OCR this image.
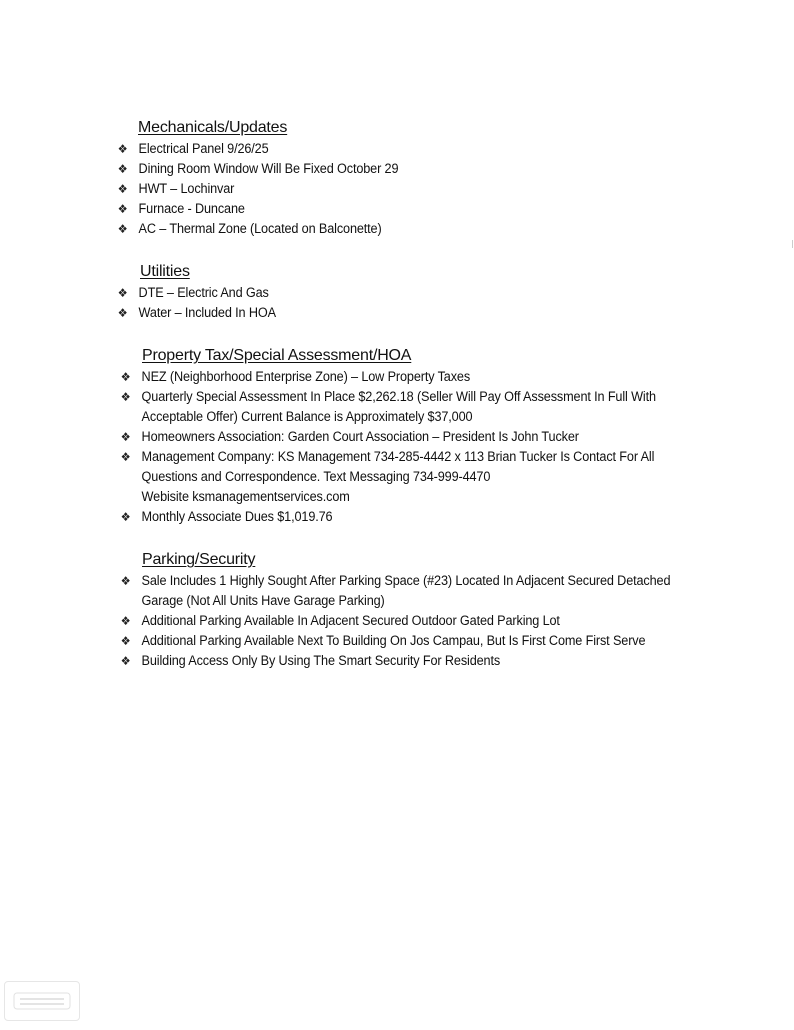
Mechanicals/Updates
❖ Electrical Panel 9/26/25
❖ Dining Room Window Will Be Fixed October 29
❖ HWT – Lochinvar
❖ Furnace - Duncane
❖ AC – Thermal Zone (Located on Balconette)
Utilities
❖ DTE – Electric And Gas
❖ Water – Included In HOA
Property Tax/Special Assessment/HOA
❖ NEZ (Neighborhood Enterprise Zone) – Low Property Taxes
❖ Quarterly Special Assessment In Place $2,262.18 (Seller Will Pay Off Assessment In Full With
Acceptable Offer) Current Balance is Approximately $37,000
❖ Homeowners Association: Garden Court Association – President Is John Tucker
❖ Management Company: KS Management 734-285-4442 x 113 Brian Tucker Is Contact For All
Questions and Correspondence. Text Messaging 734-999-4470
Webisite ksmanagementservices.com
❖ Monthly Associate Dues $1,019.76
Parking/Security
❖ Sale Includes 1 Highly Sought After Parking Space (#23) Located In Adjacent Secured Detached
Garage (Not All Units Have Garage Parking)
❖ Additional Parking Available In Adjacent Secured Outdoor Gated Parking Lot
❖ Additional Parking Available Next To Building On Jos Campau, But Is First Come First Serve
❖ Building Access Only By Using The Smart Security For Residents
